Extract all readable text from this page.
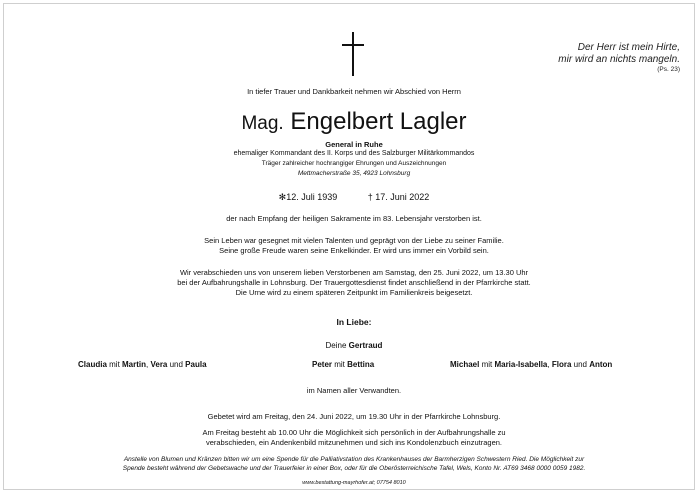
Der Herr ist mein Hirte,
mir wird an nichts mangeln.
(Ps. 23)
In tiefer Trauer und Dankbarkeit nehmen wir Abschied von Herrn
Mag. Engelbert Lagler
General in Ruhe
ehemaliger Kommandant des II. Korps und des Salzburger Militärkommandos
Träger zahlreicher hochrangiger Ehrungen und Auszeichnungen
Mettmacherstraße 35, 4923 Lohnsburg
✻12. Juli 1939	† 17. Juni 2022
der nach Empfang der heiligen Sakramente im 83. Lebensjahr verstorben ist.
Sein Leben war gesegnet mit vielen Talenten und geprägt von der Liebe zu seiner Familie.
Seine große Freude waren seine Enkelkinder. Er wird uns immer ein Vorbild sein.
Wir verabschieden uns von unserem lieben Verstorbenen am Samstag, den 25. Juni 2022, um 13.30 Uhr
bei der Aufbahrungshalle in Lohnsburg. Der Trauergottesdienst findet anschließend in der Pfarrkirche statt.
Die Urne wird zu einem späteren Zeitpunkt im Familienkreis beigesetzt.
In Liebe:
Deine Gertraud
Claudia mit Martin, Vera und Paula	Peter mit Bettina	Michael mit Maria-Isabella, Flora und Anton
im Namen aller Verwandten.
Gebetet wird am Freitag, den 24. Juni 2022, um 19.30 Uhr in der Pfarrkirche Lohnsburg.
Am Freitag besteht ab 10.00 Uhr die Möglichkeit sich persönlich in der Aufbahrungshalle zu
verabschieden, ein Andenkenbild mitzunehmen und sich ins Kondolenzbuch einzutragen.
Anstelle von Blumen und Kränzen bitten wir um eine Spende für die Palliativstation des Krankenhauses der Barmherzigen Schwestern Ried. Die Möglichkeit zur
Spende besteht während der Gebetswache und der Trauerfeier in einer Box, oder für die Oberösterreichische Tafel, Wels, Konto Nr. AT69 3468 0000 0059 1982.
www.bestattung-mayrhofer.at; 07754 8010
